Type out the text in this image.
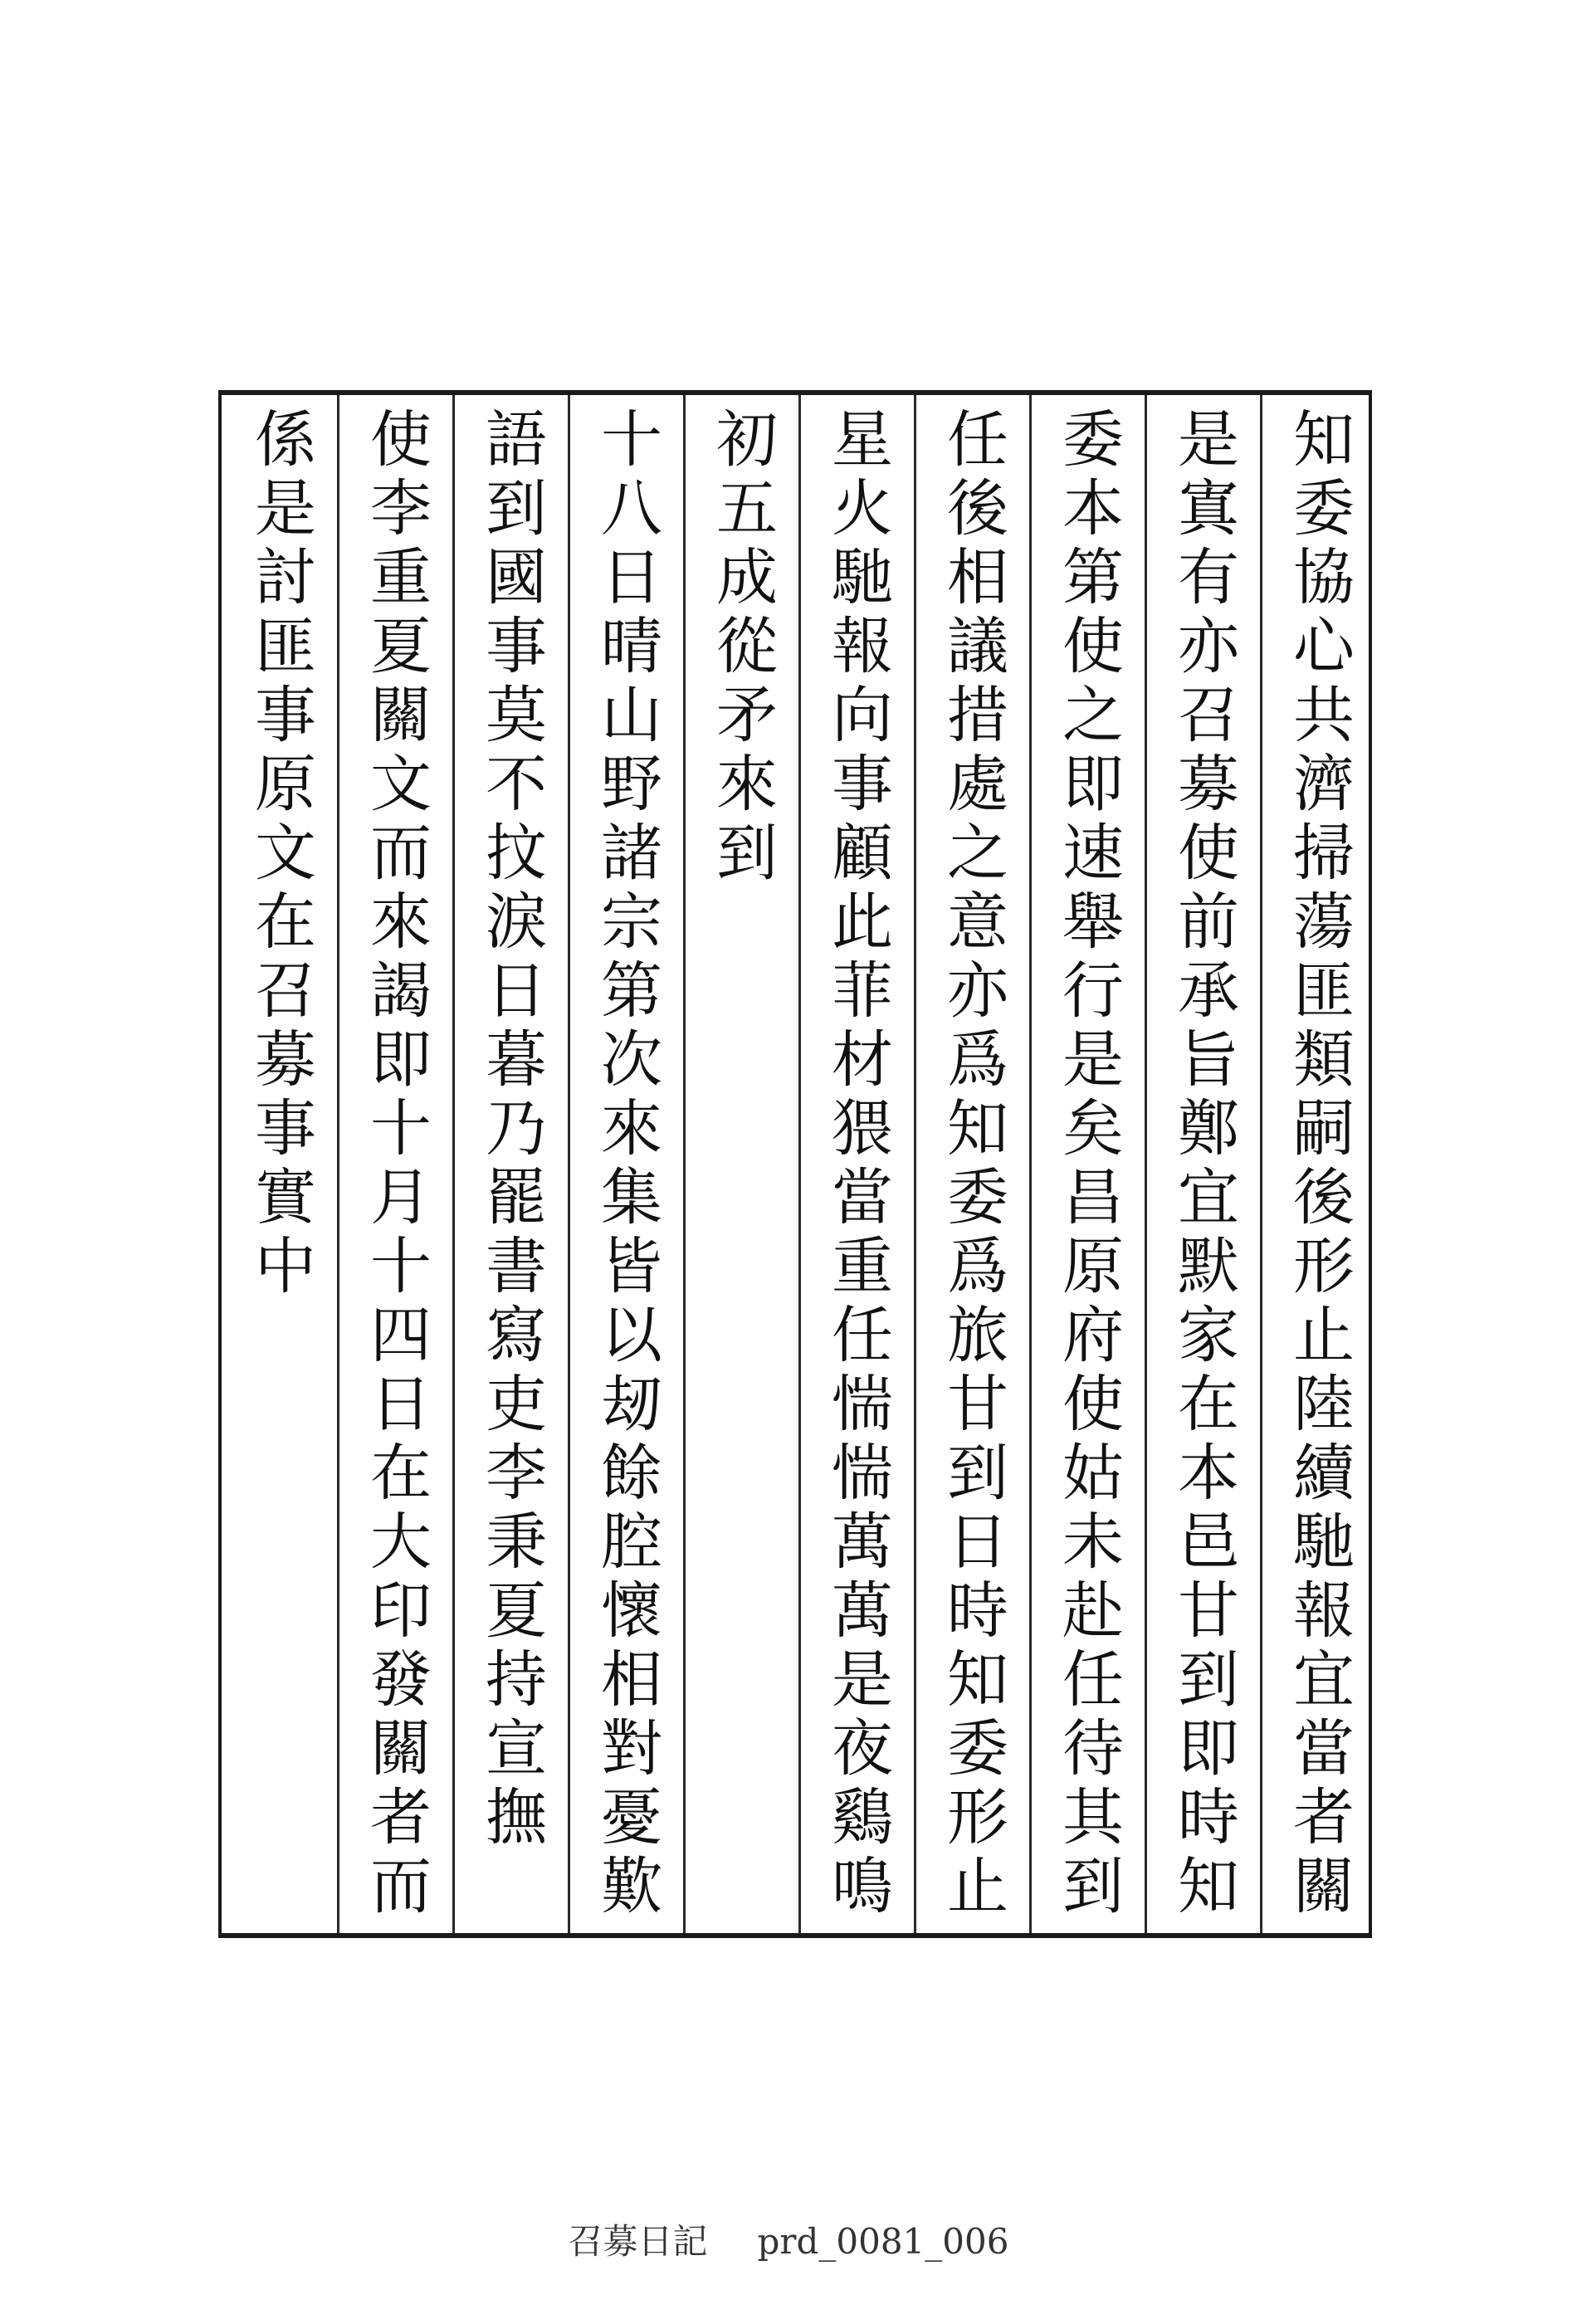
知委協心共濟掃蕩匪類嗣後形止陸續馳報宜當者關
是寘有亦召募使前承旨鄭宜默家在本邑甘到即時知
委本第使之即速舉行是矣昌原府使姑未赴任待其到
任後相議措處之意亦爲知委爲旅甘到日時知委形止
星火馳報向事顧此菲材猥當重任惴惴萬萬是夜鷄鳴
初五成從矛來到
十八日晴山野諸宗第次來集皆以刼餘腔懷相對憂歎
語到國事莫不抆淚日暮乃罷書寫吏李秉夏持宣撫
使李重夏關文而來謁即十月十四日在大印發關者而
係是討匪事原文在召募事實中
召募日記 prd_0081_006
